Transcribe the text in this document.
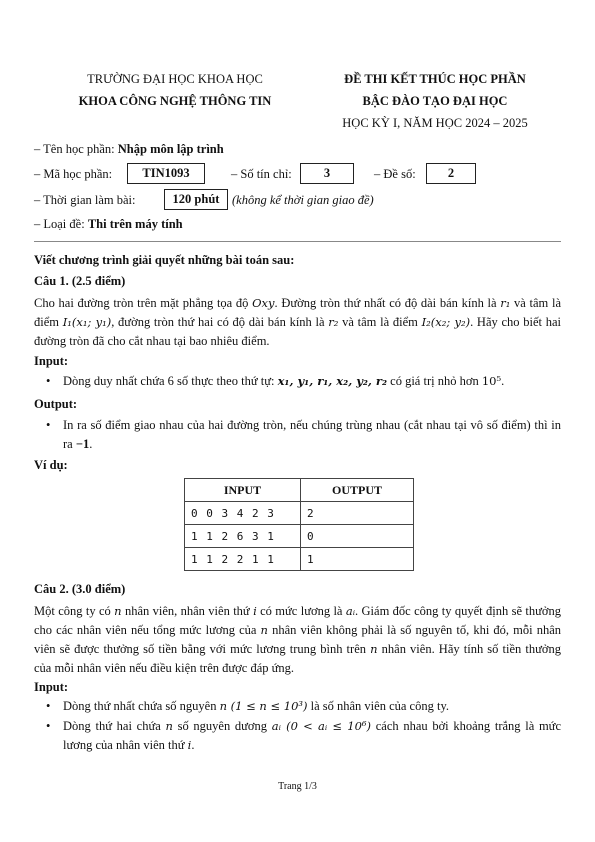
TRƯỜNG ĐẠI HỌC KHOA HỌC
KHOA CÔNG NGHỆ THÔNG TIN
ĐỀ THI KẾT THÚC HỌC PHẦN
BẬC ĐÀO TẠO ĐẠI HỌC
HỌC KỲ I, NĂM HỌC 2024 – 2025
– Tên học phần: Nhập môn lập trình
– Mã học phần:	TIN1093	– Số tín chỉ:	3	– Đề số:	2
– Thời gian làm bài:	120 phút	(không kể thời gian giao đề)
– Loại đề: Thi trên máy tính
Viết chương trình giải quyết những bài toán sau:
Câu 1. (2.5 điểm)
Cho hai đường tròn trên mặt phẳng tọa độ Oxy. Đường tròn thứ nhất có độ dài bán kính là r₁ và tâm là điểm I₁(x₁; y₁), đường tròn thứ hai có độ dài bán kính là r₂ và tâm là điểm I₂(x₂; y₂). Hãy cho biết hai đường tròn đã cho cắt nhau tại bao nhiêu điểm.
Input:
• Dòng duy nhất chứa 6 số thực theo thứ tự: x₁, y₁, r₁, x₂, y₂, r₂ có giá trị nhỏ hơn 10⁵.
Output:
• In ra số điểm giao nhau của hai đường tròn, nếu chúng trùng nhau (cắt nhau tại vô số điểm) thì in ra −1.
Ví dụ:
INPUT	OUTPUT
0 0 3 4 2 3	2
1 1 2 6 3 1	0
1 1 2 2 1 1	1
Câu 2. (3.0 điểm)
Một công ty có n nhân viên, nhân viên thứ i có mức lương là aᵢ. Giám đốc công ty quyết định sẽ thưởng cho các nhân viên nếu tổng mức lương của n nhân viên không phải là số nguyên tố, khi đó, mỗi nhân viên sẽ được thưởng số tiền bằng với mức lương trung bình trên n nhân viên. Hãy tính số tiền thưởng của mỗi nhân viên nếu điều kiện trên được đáp ứng.
Input:
• Dòng thứ nhất chứa số nguyên n (1 ≤ n ≤ 10³) là số nhân viên của công ty.
• Dòng thứ hai chứa n số nguyên dương aᵢ (0 < aᵢ ≤ 10⁶) cách nhau bởi khoảng trắng là mức lương của nhân viên thứ i.
Trang 1/3
